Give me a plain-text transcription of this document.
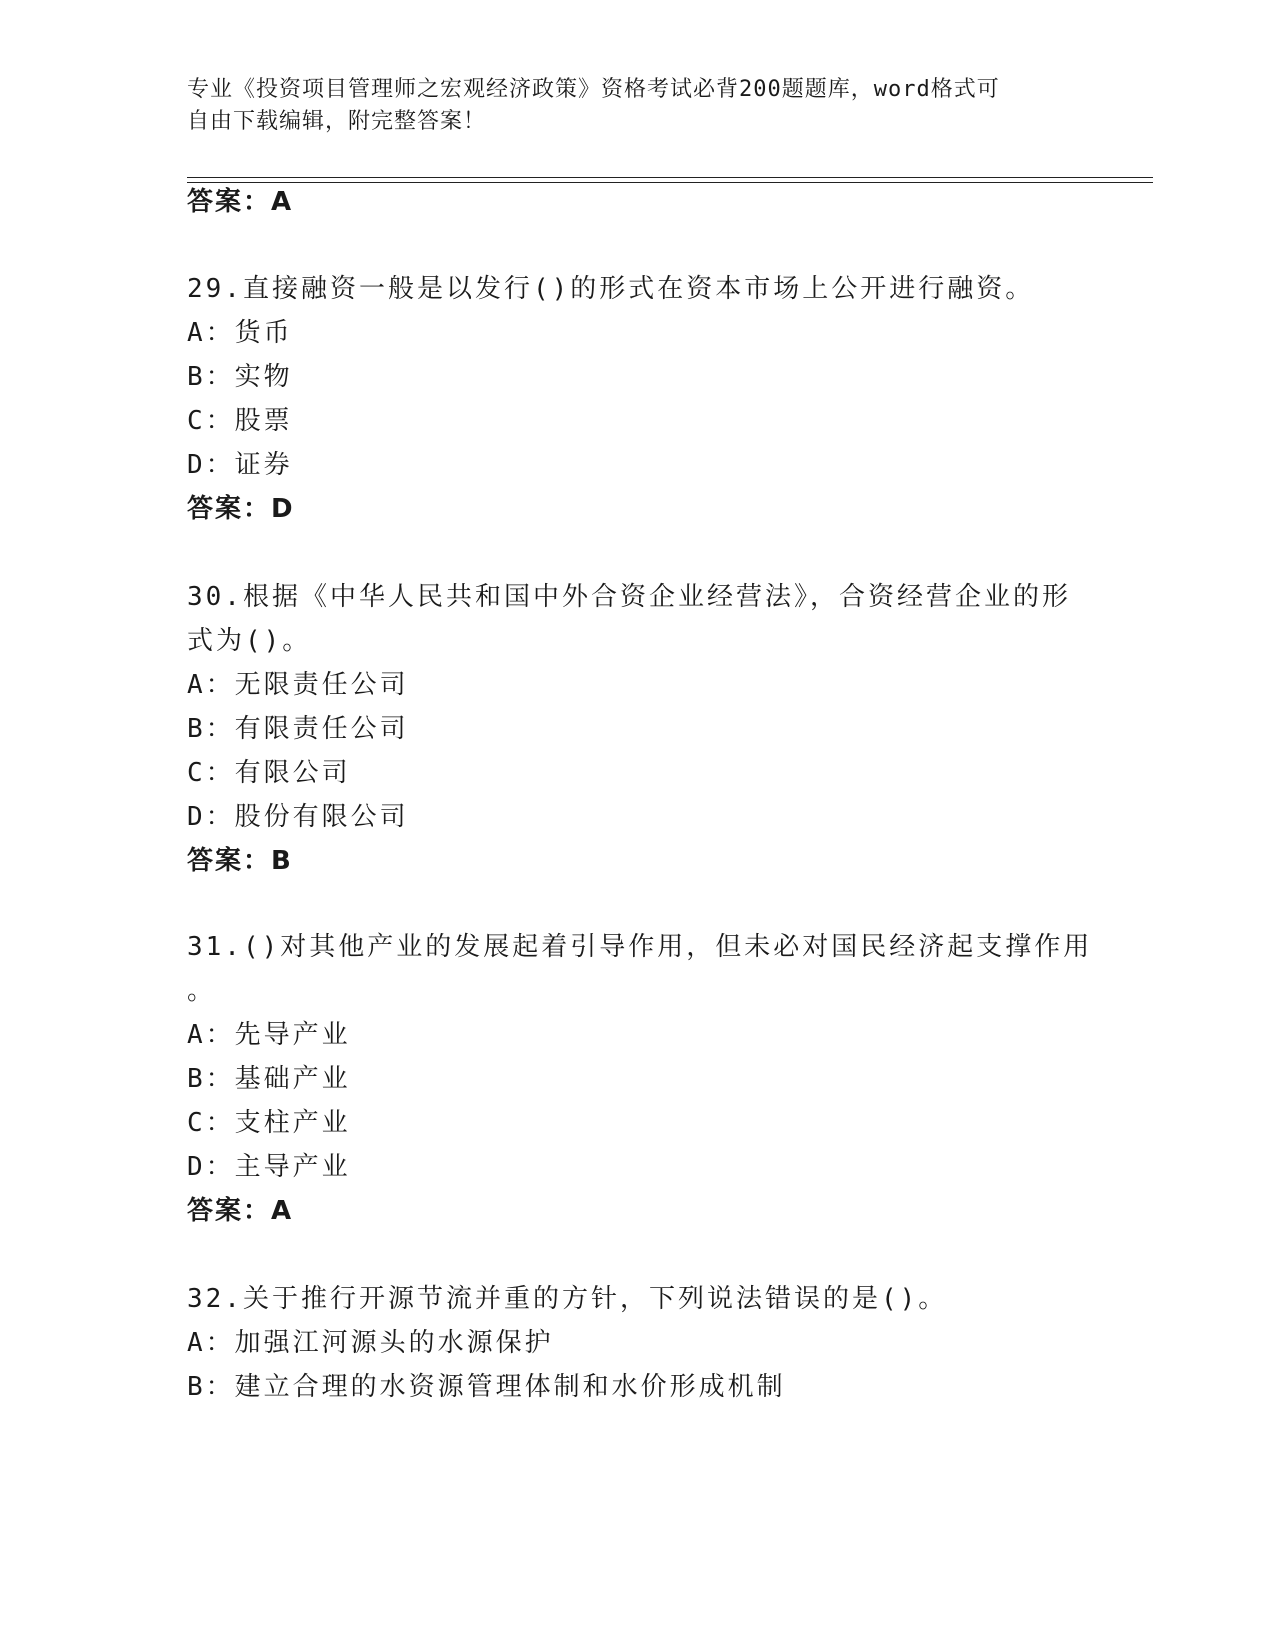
专业《投资项目管理师之宏观经济政策》资格考试必背200题题库，word格式可
自由下载编辑，附完整答案！
答案：A
29.直接融资一般是以发行()的形式在资本市场上公开进行融资。
A：货币
B：实物
C：股票
D：证券
答案：D
30.根据《中华人民共和国中外合资企业经营法》，合资经营企业的形
式为()。
A：无限责任公司
B：有限责任公司
C：有限公司
D：股份有限公司
答案：B
31.()对其他产业的发展起着引导作用，但未必对国民经济起支撑作用
。
A：先导产业
B：基础产业
C：支柱产业
D：主导产业
答案：A
32.关于推行开源节流并重的方针，下列说法错误的是()。
A：加强江河源头的水源保护
B：建立合理的水资源管理体制和水价形成机制
